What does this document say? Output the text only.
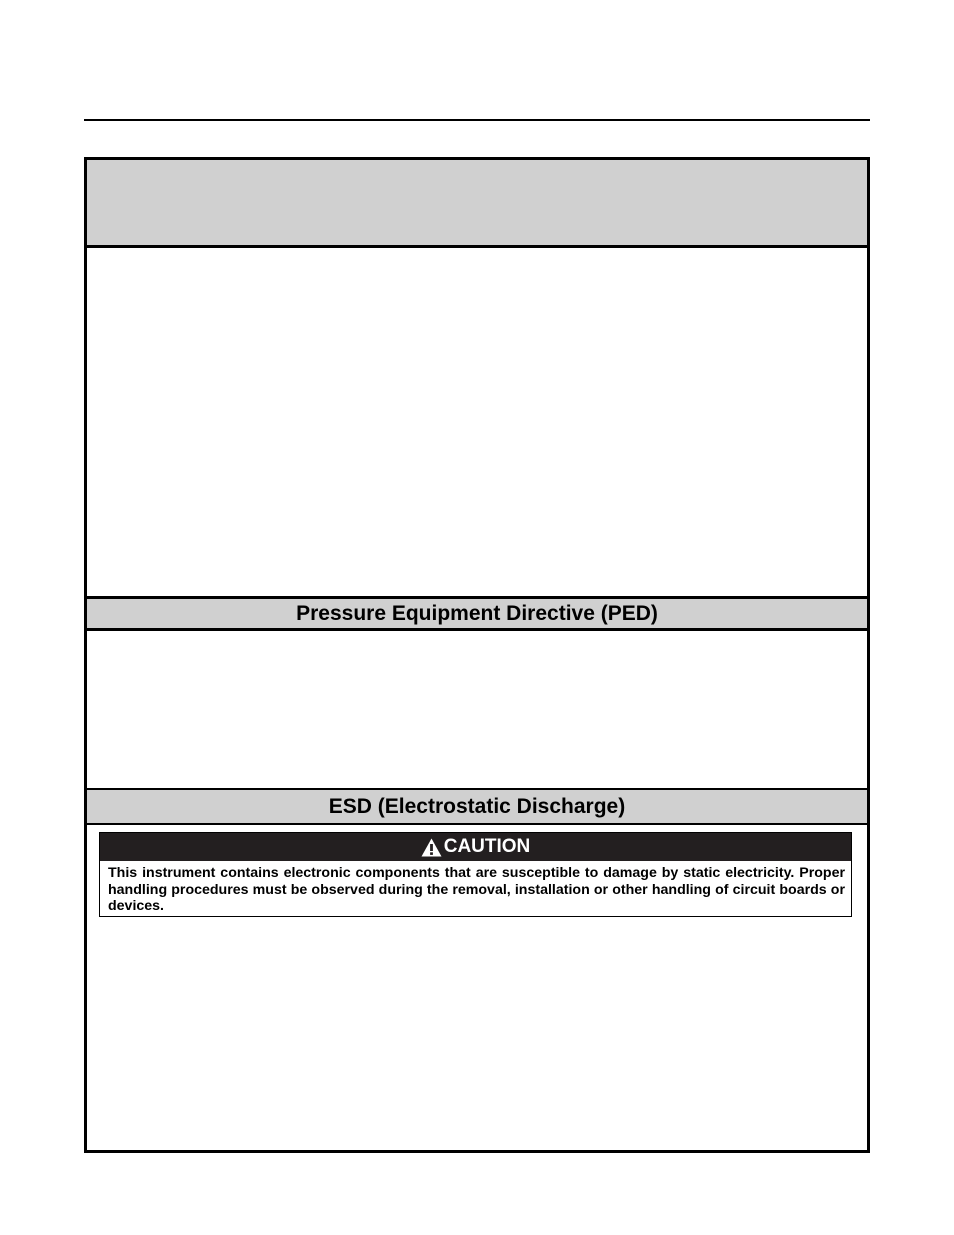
Pressure Equipment Directive (PED)

ESD (Electrostatic Discharge)

CAUTION

This instrument contains electronic components that are susceptible to damage by static electricity. Proper handling procedures must be observed during the removal, installation or other handling of circuit boards or devices.
